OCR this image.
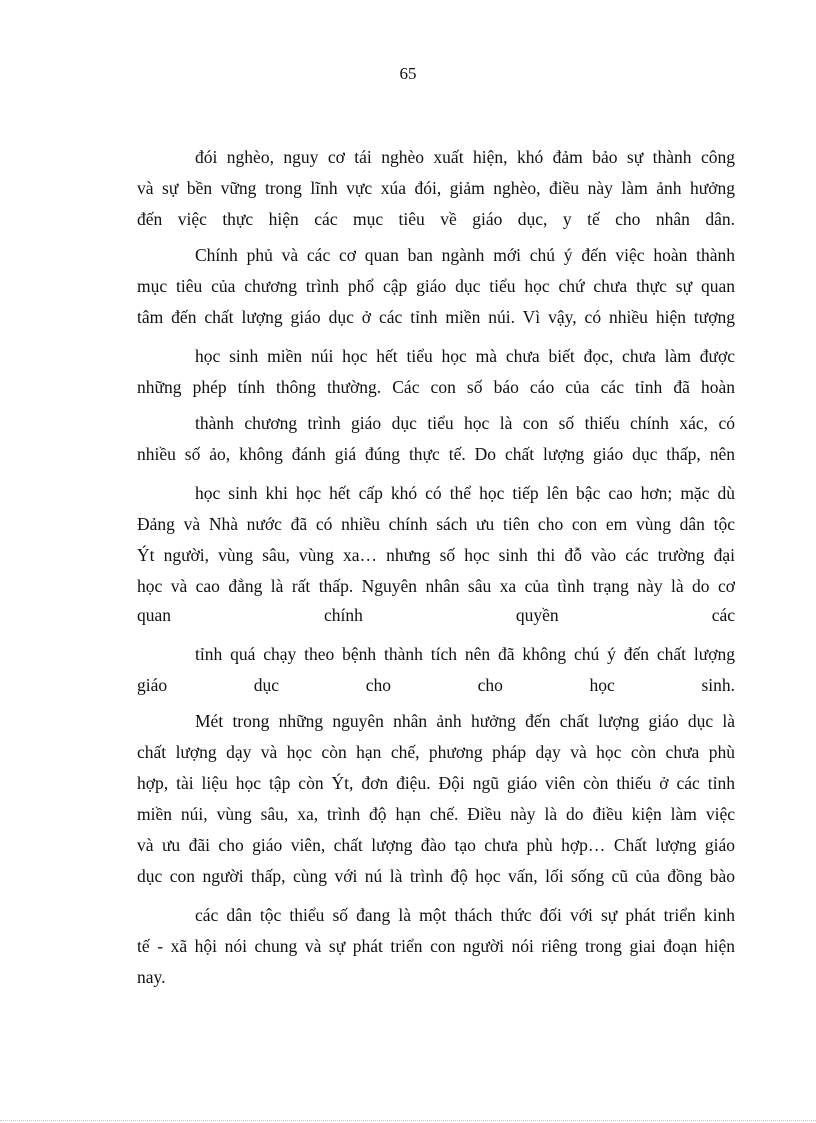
65
đói nghèo, nguy cơ tái nghèo xuất hiện, khó đảm bảo sự thành công
và sự bền vững trong lĩnh vực xúa đói, giảm nghèo, điều này làm ảnh hưởng
đến việc thực hiện các mục tiêu về giáo dục, y tế cho nhân dân.
Chính phủ và các cơ quan ban ngành mới chú ý đến việc hoàn thành
mục tiêu của chương trình phổ cập giáo dục tiểu học chứ chưa thực sự quan
tâm đến chất lượng giáo dục ở các tỉnh miền núi. Vì vậy, có nhiều hiện tượng
học sinh miền núi học hết tiểu học mà chưa biết đọc, chưa làm được
những phép tính thông thường. Các con số báo cáo của các tỉnh đã hoàn
thành chương trình giáo dục tiểu học là con số thiếu chính xác, có
nhiều số ảo, không đánh giá đúng thực tế. Do chất lượng giáo dục thấp, nên
học sinh khi học hết cấp khó có thể học tiếp lên bậc cao hơn; mặc dù
Đảng và Nhà nước đã có nhiều chính sách ưu tiên cho con em vùng dân tộc
Ýt người, vùng sâu, vùng xa… nhưng số học sinh thi đỗ vào các trường đại
học và cao đẳng là rất thấp. Nguyên nhân sâu xa của tình trạng này là do cơ
quan chính quyền các
tỉnh quá chạy theo bệnh thành tích nên đã không chú ý đến chất lượng
giáo dục cho cho học sinh.
Mét trong những nguyên nhân ảnh hưởng đến chất lượng giáo dục là
chất lượng dạy và học còn hạn chế, phương pháp dạy và học còn chưa phù
hợp, tài liệu học tập còn Ýt, đơn điệu. Đội ngũ giáo viên còn thiếu ở các tỉnh
miền núi, vùng sâu, xa, trình độ hạn chế. Điều này là do điều kiện làm việc
và ưu đãi cho giáo viên, chất lượng đào tạo chưa phù hợp… Chất lượng giáo
dục con người thấp, cùng với nú là trình độ học vấn, lối sống cũ của đồng bào
các dân tộc thiểu số đang là một thách thức đối với sự phát triển kinh
tế - xã hội nói chung và sự phát triển con người nói riêng trong giai đoạn hiện
nay.
